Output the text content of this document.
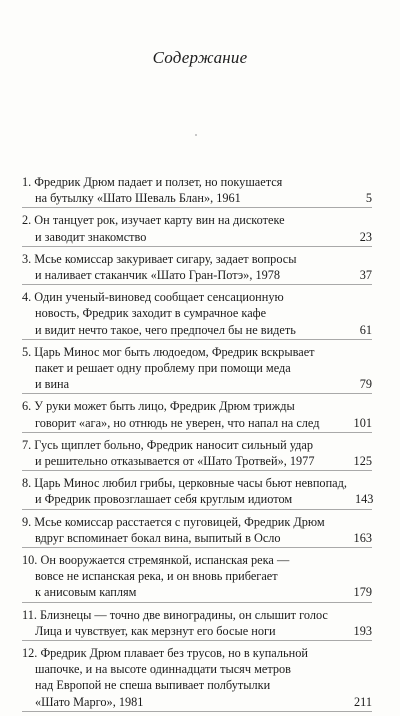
Содержание
1. Фредрик Дрюм падает и ползет, но покушается
на бутылку «Шато Шеваль Блан», 1961	5
2. Он танцует рок, изучает карту вин на дискотеке
и заводит знакомство	23
3. Мсье комиссар закуривает сигару, задает вопросы
и наливает стаканчик «Шато Гран-Потэ», 1978	37
4. Один ученый-виновед сообщает сенсационную
новость, Фредрик заходит в сумрачное кафе
и видит нечто такое, чего предпочел бы не видеть	61
5. Царь Минос мог быть людоедом, Фредрик вскрывает
пакет и решает одну проблему при помощи меда
и вина	79
6. У руки может быть лицо, Фредрик Дрюм трижды
говорит «ага», но отнюдь не уверен, что напал на след	101
7. Гусь щиплет больно, Фредрик наносит сильный удар
и решительно отказывается от «Шато Тротвей», 1977	125
8. Царь Минос любил грибы, церковные часы бьют невпопад,
и Фредрик провозглашает себя круглым идиотом	143
9. Мсье комиссар расстается с пуговицей, Фредрик Дрюм
вдруг вспоминает бокал вина, выпитый в Осло	163
10. Он вооружается стремянкой, испанская река —
вовсе не испанская река, и он вновь прибегает
к анисовым каплям	179
11. Близнецы — точно две виноградины, он слышит голос
Лица и чувствует, как мерзнут его босые ноги	193
12. Фредрик Дрюм плавает без трусов, но в купальной
шапочке, и на высоте одиннадцати тысяч метров
над Европой не спеша выпивает полбутылки
«Шато Марго», 1981	211
